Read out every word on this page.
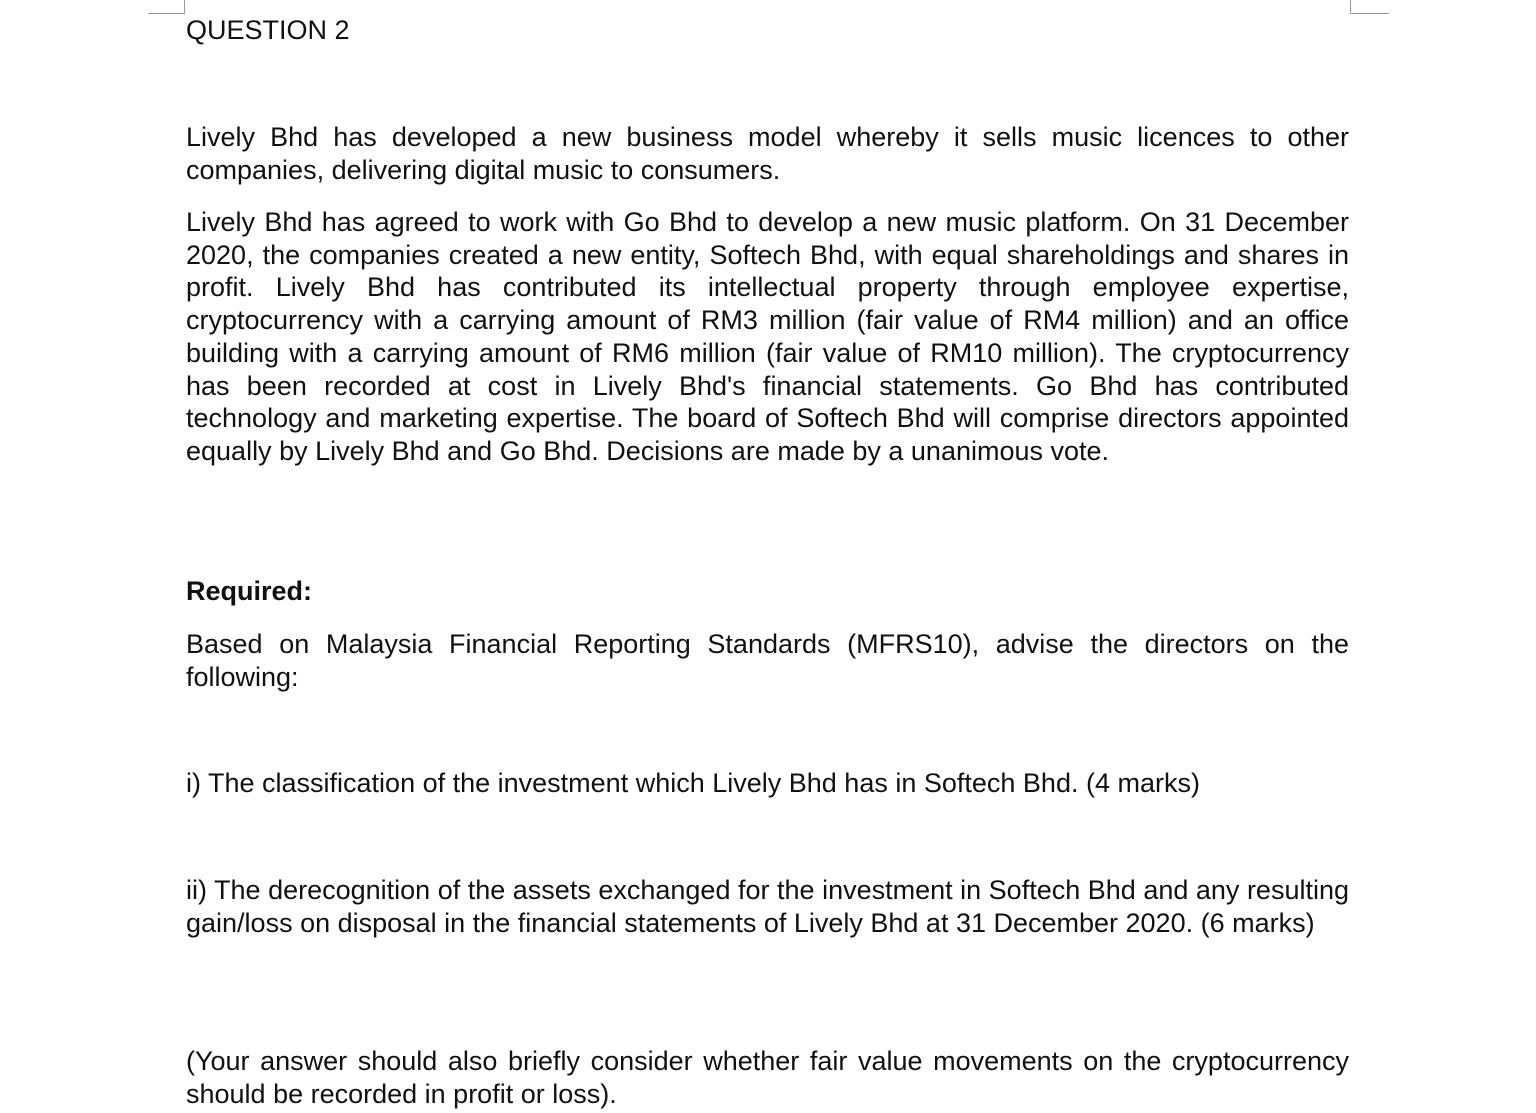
QUESTION 2

Lively Bhd has developed a new business model whereby it sells music licences to other companies, delivering digital music to consumers.

Lively Bhd has agreed to work with Go Bhd to develop a new music platform. On 31 December 2020, the companies created a new entity, Softech Bhd, with equal shareholdings and shares in profit. Lively Bhd has contributed its intellectual property through employee expertise, cryptocurrency with a carrying amount of RM3 million (fair value of RM4 million) and an office building with a carrying amount of RM6 million (fair value of RM10 million). The cryptocurrency has been recorded at cost in Lively Bhd's financial statements. Go Bhd has contributed technology and marketing expertise. The board of Softech Bhd will comprise directors appointed equally by Lively Bhd and Go Bhd. Decisions are made by a unanimous vote.

Required:

Based on Malaysia Financial Reporting Standards (MFRS10), advise the directors on the following:

i) The classification of the investment which Lively Bhd has in Softech Bhd. (4 marks)

ii) The derecognition of the assets exchanged for the investment in Softech Bhd and any resulting gain/loss on disposal in the financial statements of Lively Bhd at 31 December 2020. (6 marks)

(Your answer should also briefly consider whether fair value movements on the cryptocurrency should be recorded in profit or loss).
